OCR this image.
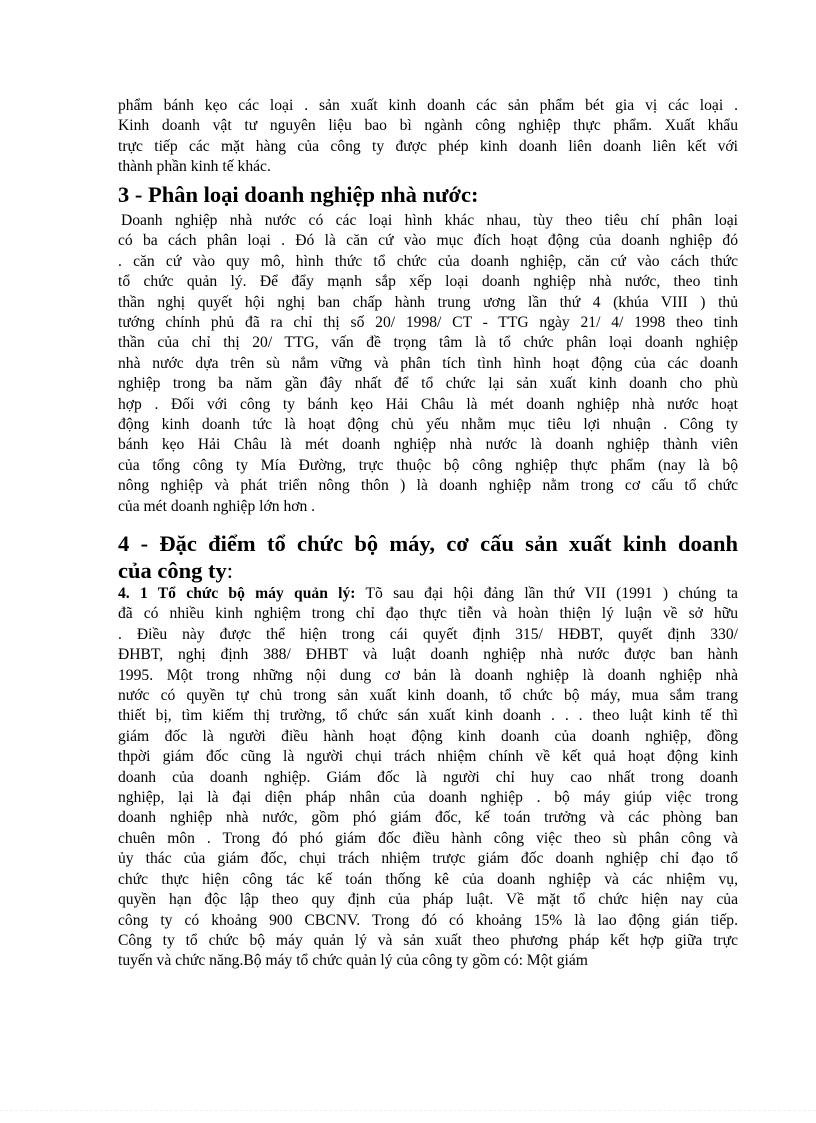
phẩm bánh kẹo các loại . sản xuất kinh doanh các sản phẩm bét gia vị các loại .
Kinh doanh vật tư nguyên liệu bao bì ngành công nghiệp thực phẩm. Xuất khẩu
trực tiếp các mặt hàng của công ty được phép kinh doanh liên doanh liên kết với
thành phần kinh tế khác.
3 - Phân loại doanh nghiệp nhà nước:
Doanh nghiệp nhà nước có các loại hình khác nhau, tùy theo tiêu chí phân loại
có ba cách phân loại . Đó là căn cứ vào mục đích hoạt động của doanh nghiệp đó
. căn cứ vào quy mô, hình thức tổ chức của doanh nghiệp, căn cứ vào cách thức
tổ chức quản lý. Để đẩy mạnh sắp xếp loại doanh nghiệp nhà nước, theo tinh
thần nghị quyết hội nghị ban chấp hành trung ương lần thứ 4 (khúa VIII ) thủ
tướng chính phủ đã ra chỉ thị số 20/ 1998/ CT - TTG ngày 21/ 4/ 1998 theo tinh
thần của chỉ thị 20/ TTG, vấn đề trọng tâm là tổ chức phân loại doanh nghiệp
nhà nước dựa trên sù nắm vững và phân tích tình hình hoạt động của các doanh
nghiệp trong ba năm gần đây nhất để tổ chức lại sản xuất kinh doanh cho phù
hợp . Đối với công ty bánh kẹo Hải Châu là mét doanh nghiệp nhà nước hoạt
động kinh doanh tức là hoạt động chủ yếu nhằm mục tiêu lợi nhuận . Công ty
bánh kẹo Hải Châu là mét doanh nghiệp nhà nước là doanh nghiệp thành viên
của tổng công ty Mía Đường, trực thuộc bộ công nghiệp thực phẩm (nay là bộ
nông nghiệp và phát triển nông thôn ) là doanh nghiệp nằm trong cơ cấu tổ chức
của mét doanh nghiệp lớn hơn .
4 - Đặc điểm tổ chức bộ máy, cơ cấu sản xuất kinh doanh
của công ty:
4. 1 Tổ chức bộ máy quản lý: Tõ sau đại hội đảng lần thứ VII (1991 ) chúng ta
đã có nhiều kinh nghiệm trong chỉ đạo thực tiễn và hoàn thiện lý luận về sở hữu
. Điều này được thể hiện trong cái quyết định 315/ HĐBT, quyết định 330/
ĐHBT, nghị định 388/ ĐHBT và luật doanh nghiệp nhà nước được ban hành
1995. Một trong những nội dung cơ bản là doanh nghiệp là doanh nghiệp nhà
nước có quyền tự chủ trong sản xuất kinh doanh, tổ chức bộ máy, mua sắm trang
thiết bị, tìm kiếm thị trường, tổ chức sán xuất kinh doanh . . . theo luật kinh tế thì
giám đốc là người điều hành hoạt động kinh doanh của doanh nghiệp, đồng
thpời giám đốc cũng là người chụi trách nhiệm chính về kết quả hoạt động kinh
doanh của doanh nghiệp. Giám đốc là người chỉ huy cao nhất trong doanh
nghiệp, lại là đại diện pháp nhân của doanh nghiệp . bộ máy giúp việc trong
doanh nghiệp nhà nước, gồm phó giám đốc, kế toán trưởng và các phòng ban
chuên môn . Trong đó phó giám đốc điều hành công việc theo sù phân công và
ủy thác của giám đốc, chụi trách nhiệm trược giám đốc doanh nghiệp chỉ đạo tổ
chức thực hiện công tác kế toán thống kê của doanh nghiệp và các nhiệm vụ,
quyền hạn độc lập theo quy định của pháp luật. Về mặt tổ chức hiện nay của
công ty có khoảng 900 CBCNV. Trong đó có khoảng 15% là lao động gián tiếp.
Công ty tổ chức bộ máy quản lý và sản xuất theo phương pháp kết hợp giữa trực
tuyến và chức năng.Bộ máy tổ chức quản lý của công ty gồm có: Một giám
